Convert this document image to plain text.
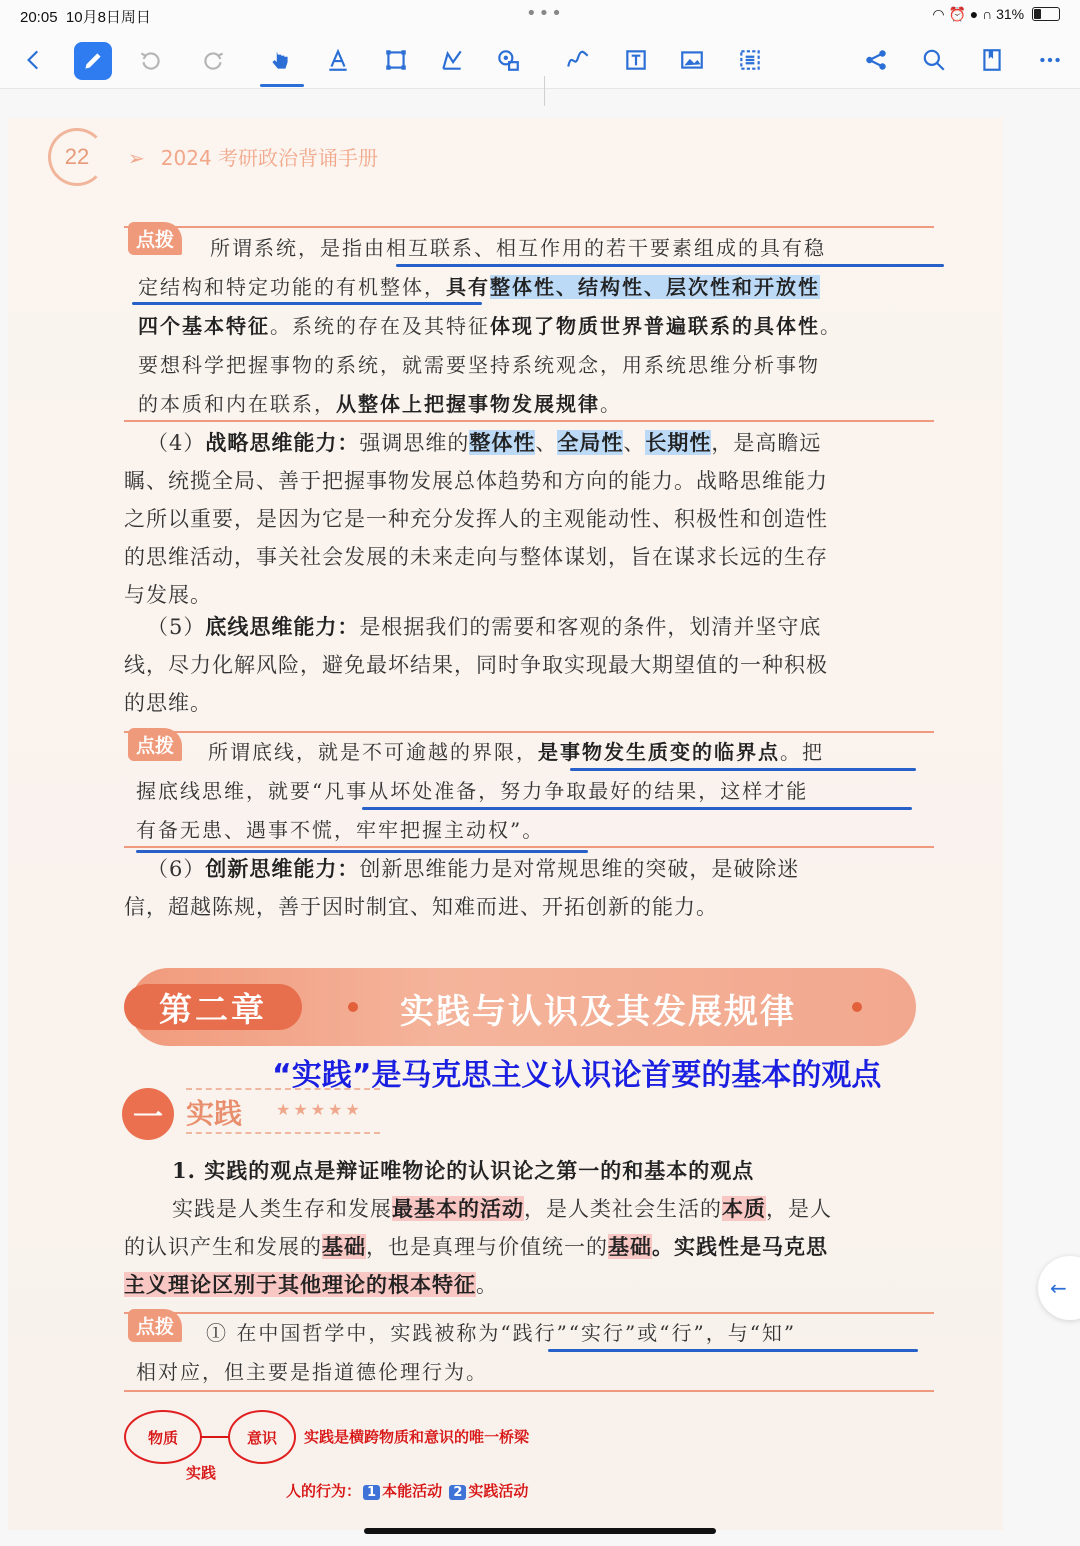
20:05 10月8日周日	•••	◠ ⏰ ● ∩ 31%
22	➢ 2024 考研政治背诵手册
点拨	所谓系统，是指由相互联系、相互作用的若干要素组成的具有稳
定结构和特定功能的有机整体，具有整体性、结构性、层次性和开放性
四个基本特征。系统的存在及其特征体现了物质世界普遍联系的具体性。
要想科学把握事物的系统，就需要坚持系统观念，用系统思维分析事物
的本质和内在联系，从整体上把握事物发展规律。
（4）战略思维能力：强调思维的整体性、全局性、长期性，是高瞻远
瞩、统揽全局、善于把握事物发展总体趋势和方向的能力。战略思维能力
之所以重要，是因为它是一种充分发挥人的主观能动性、积极性和创造性
的思维活动，事关社会发展的未来走向与整体谋划，旨在谋求长远的生存
与发展。
（5）底线思维能力：是根据我们的需要和客观的条件，划清并坚守底
线，尽力化解风险，避免最坏结果，同时争取实现最大期望值的一种积极
的思维。
点拨	所谓底线，就是不可逾越的界限，是事物发生质变的临界点。把
握底线思维，就要“凡事从坏处准备，努力争取最好的结果，这样才能
有备无患、遇事不慌，牢牢把握主动权”。
（6）创新思维能力：创新思维能力是对常规思维的突破，是破除迷
信，超越陈规，善于因时制宜、知难而进、开拓创新的能力。
第二章	实践与认识及其发展规律
“实践”是马克思主义认识论首要的基本的观点
一 实践 ★★★★★
1. 实践的观点是辩证唯物论的认识论之第一的和基本的观点
实践是人类生存和发展最基本的活动，是人类社会生活的本质，是人
的认识产生和发展的基础，也是真理与价值统一的基础。实践性是马克思
主义理论区别于其他理论的根本特征。
点拨	① 在中国哲学中，实践被称为“践行”“实行”或“行”，与“知”
相对应，但主要是指道德伦理行为。
物质	意识
实践
实践是横跨物质和意识的唯一桥梁
人的行为： 1 本能活动 2 实践活动
←
